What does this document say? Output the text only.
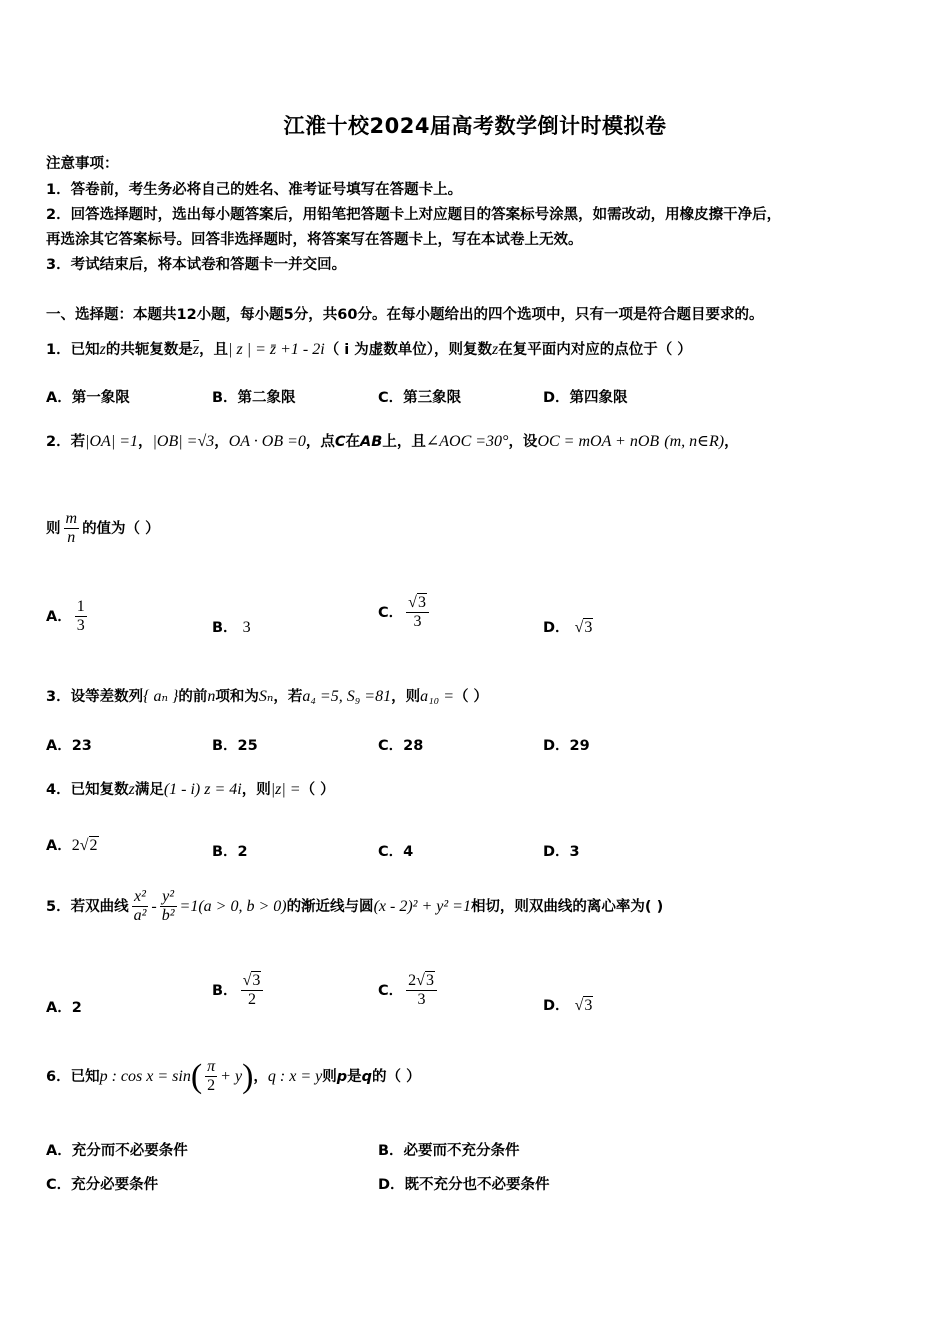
江淮十校2024届高考数学倒计时模拟卷
注意事项：
1．答卷前，考生务必将自己的姓名、准考证号填写在答题卡上。
2．回答选择题时，选出每小题答案后，用铅笔把答题卡上对应题目的答案标号涂黑，如需改动，用橡皮擦干净后，
再选涂其它答案标号。回答非选择题时，将答案写在答题卡上，写在本试卷上无效。
3．考试结束后，将本试卷和答题卡一并交回。
一、选择题：本题共12小题，每小题5分，共60分。在每小题给出的四个选项中，只有一项是符合题目要求的。
1．已知z的共轭复数是$\overline{z}$，且| z | = z̄ +1 - 2i（ i 为虚数单位），则复数z在复平面内对应的点位于（ ）
A．第一象限	B．第二象限	C．第三象限	D．第四象限
2．若|OA| =1，|OB| =√3，OA · OB =0，点C在AB上，且∠AOC =30°，设OC = mOA + nOB (m, n∈R)，
则 $\frac{m}{n}$ 的值为（ ）
A． $\frac{1}{3}$	B． 3
C． $\frac{√3}{3}$	D． √3
3．设等差数列{ aₙ }的前n项和为Sₙ，若a₄ =5, S₉ =81，则a₁₀ =（ ）
A．23	B．25	C．28	D．29
4．已知复数z满足(1 - i) z = 4i，则|z| =（ ）
A．2√2	B．2	C．4	D．3
5．若双曲线 $\frac{\text{x²}}{\text{a²}} - \frac{\text{y²}}{\text{b²}} =1(a > 0$, b > 0)的渐近线与圆(x - 2)² + y² =1相切，则双曲线的离心率为( )
A．2
B． $\frac{√3}{2}$	C． $\frac{2√3}{3}$	D． √3
6．已知p : $\cos x = \sin( \frac{\pi}{2} + y)$，q : x = y则p是q的（ ）
A．充分而不必要条件	B．必要而不充分条件
C．充分必要条件	D．既不充分也不必要条件
